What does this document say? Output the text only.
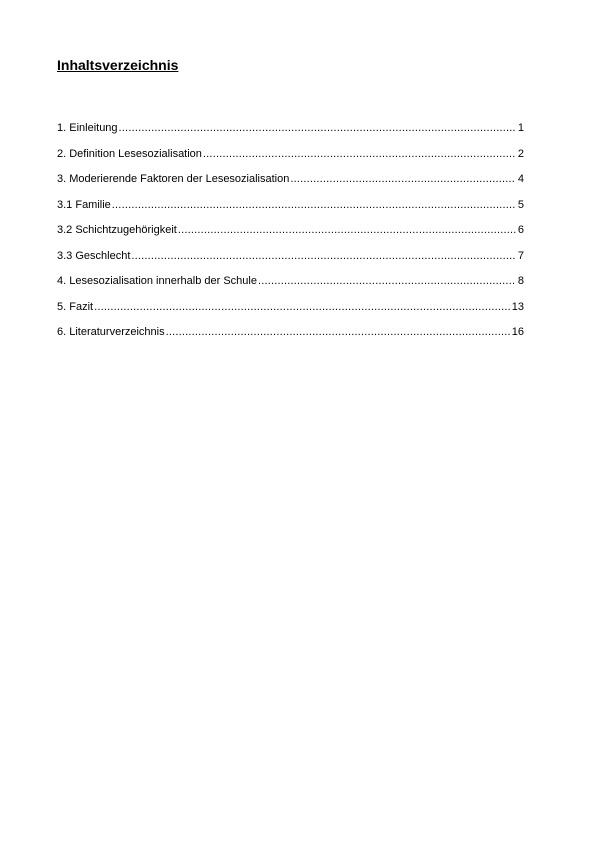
Inhaltsverzeichnis
1. Einleitung .....	1
2. Definition Lesesozialisation .....	2
3. Moderierende Faktoren der Lesesozialisation .....	4
3.1 Familie .....	5
3.2 Schichtzugehörigkeit .....	6
3.3 Geschlecht .....	7
4. Lesesozialisation innerhalb der Schule .....	8
5. Fazit .....	13
6. Literaturverzeichnis .....	16
